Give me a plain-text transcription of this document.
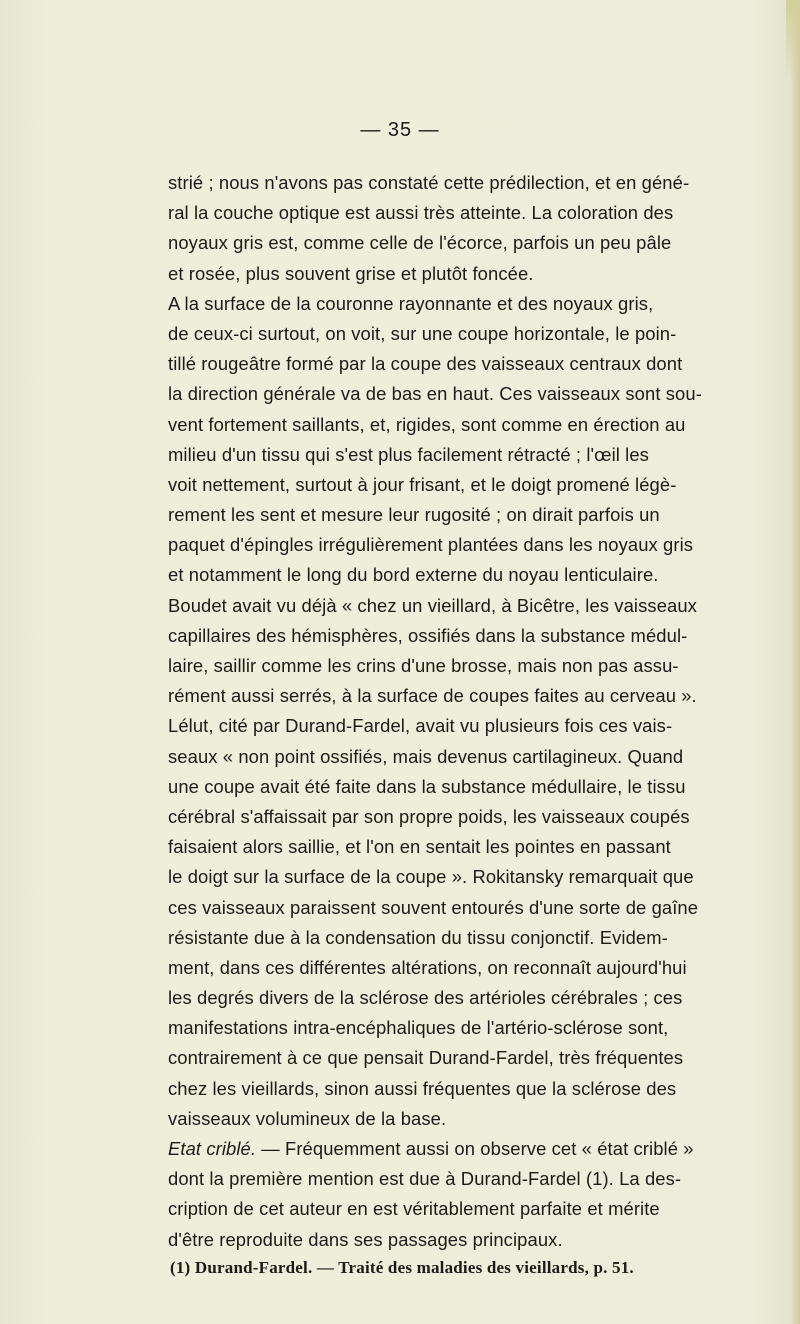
— 35 —
strié ; nous n'avons pas constaté cette prédilection, et en géné-
ral la couche optique est aussi très atteinte. La coloration des
noyaux gris est, comme celle de l'écorce, parfois un peu pâle
et rosée, plus souvent grise et plutôt foncée.
A la surface de la couronne rayonnante et des noyaux gris,
de ceux-ci surtout, on voit, sur une coupe horizontale, le poin-
tillé rougeâtre formé par la coupe des vaisseaux centraux dont
la direction générale va de bas en haut. Ces vaisseaux sont sou-
vent fortement saillants, et, rigides, sont comme en érection au
milieu d'un tissu qui s'est plus facilement rétracté ; l'œil les
voit nettement, surtout à jour frisant, et le doigt promené légè-
rement les sent et mesure leur rugosité ; on dirait parfois un
paquet d'épingles irrégulièrement plantées dans les noyaux gris
et notamment le long du bord externe du noyau lenticulaire.
Boudet avait vu déjà « chez un vieillard, à Bicêtre, les vaisseaux
capillaires des hémisphères, ossifiés dans la substance médul-
laire, saillir comme les crins d'une brosse, mais non pas assu-
rément aussi serrés, à la surface de coupes faites au cerveau ».
Lélut, cité par Durand-Fardel, avait vu plusieurs fois ces vais-
seaux « non point ossifiés, mais devenus cartilagineux. Quand
une coupe avait été faite dans la substance médullaire, le tissu
cérébral s'affaissait par son propre poids, les vaisseaux coupés
faisaient alors saillie, et l'on en sentait les pointes en passant
le doigt sur la surface de la coupe ». Rokitansky remarquait que
ces vaisseaux paraissent souvent entourés d'une sorte de gaîne
résistante due à la condensation du tissu conjonctif. Evidem-
ment, dans ces différentes altérations, on reconnaît aujourd'hui
les degrés divers de la sclérose des artérioles cérébrales ; ces
manifestations intra-encéphaliques de l'artério-sclérose sont,
contrairement à ce que pensait Durand-Fardel, très fréquentes
chez les vieillards, sinon aussi fréquentes que la sclérose des
vaisseaux volumineux de la base.
Etat criblé. — Fréquemment aussi on observe cet « état criblé »
dont la première mention est due à Durand-Fardel (1). La des-
cription de cet auteur en est véritablement parfaite et mérite
d'être reproduite dans ses passages principaux.
(1) Durand-Fardel. — Traité des maladies des vieillards, p. 51.
